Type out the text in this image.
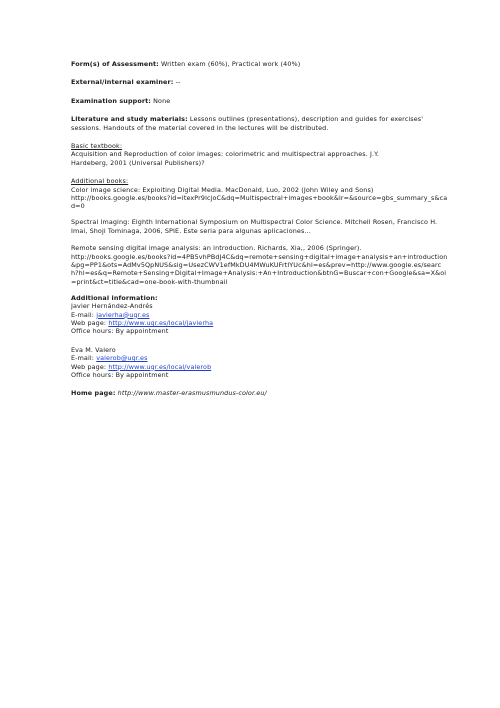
Form(s) of Assessment: Written exam (60%), Practical work (40%)
External/internal examiner: --
Examination support: None
Literature and study materials: Lessons outlines (presentations), description and guides for exercises' sessions. Handouts of the material covered in the lectures will be distributed.
Basic textbook:
Acquisition and Reproduction of color images: colorimetric and multispectral approaches. J.Y.
Hardeberg, 2001 (Universal Publishers)?
Additional books:
Color image science: Exploiting Digital Media. MacDonald, Luo, 2002 (John Wiley and Sons)
http://books.google.es/books?id=ltexPr9lcjoC&dq=Multispectral+images+book&lr=&source=gbs_summary_s&cad=0
Spectral Imaging: Eighth International Symposium on Multispectral Color Science. Mitchell Rosen, Francisco H. Imai, Shoji Tominaga, 2006, SPIE. Este seria para algunas aplicaciones...
Remote sensing digital image analysis: an introduction. Richards, Xia,, 2006 (Springer).
http://books.google.es/books?id=4PB5vhPBdJ4C&dq=remote+sensing+digital+image+analysis+an+introduction&pg=PP1&ots=AdMv5QpNUS&sig=UsezCWV1efMkDU4MWuKUFrtlYUc&hl=es&prev=http://www.google.es/search?hl=es&q=Remote+Sensing+Digital+Image+Analysis:+An+Introduction&btnG=Buscar+con+Google&sa=X&oi=print&ct=title&cad=one-book-with-thumbnail
Additional information:
Javier Hernández-Andrés
E-mail: javierha@ugr.es
Web page: http://www.ugr.es/local/javierha
Office hours: By appointment
Eva M. Valero
E-mail: valerob@ugr.es
Web page: http://www.ugr.es/local/valerob
Office hours: By appointment
Home page: http://www.master-erasmusmundus-color.eu/
